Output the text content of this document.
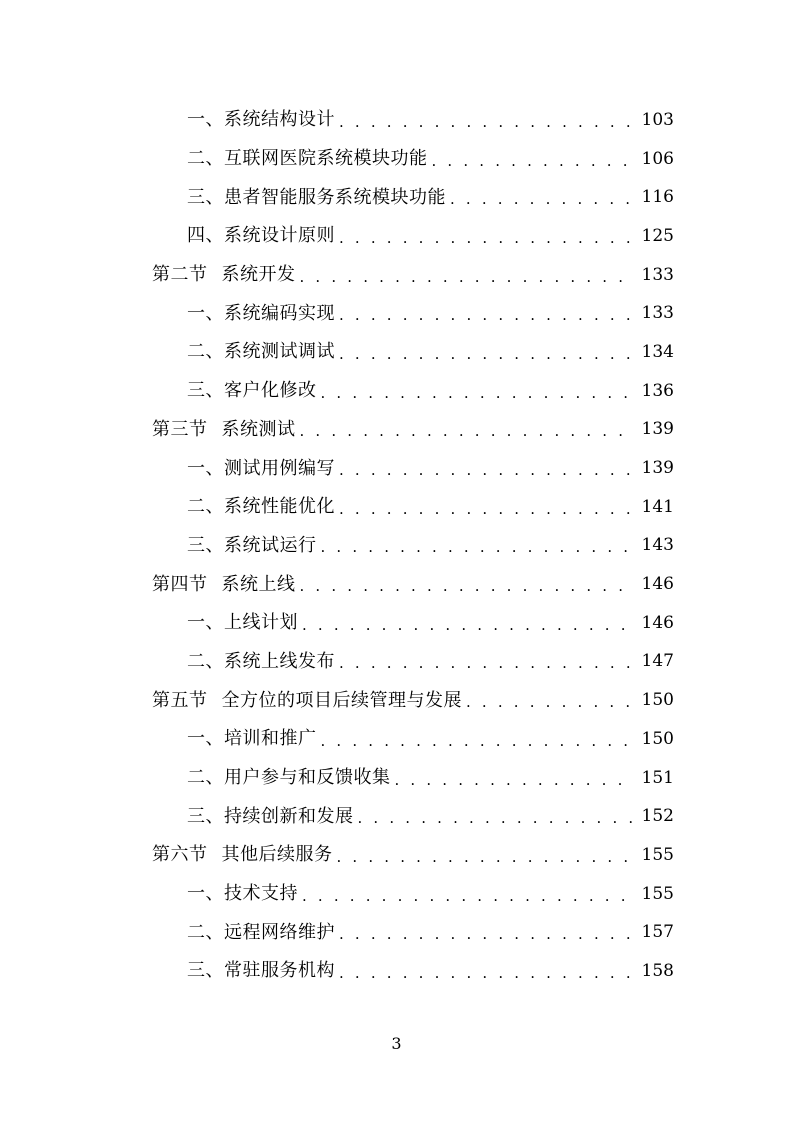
一、系统结构设计 . . .	103
二、互联网医院系统模块功能 . . .	106
三、患者智能服务系统模块功能 . . .	116
四、系统设计原则 . . .	125
第二节 系统开发 . . .	133
一、系统编码实现 . . .	133
二、系统测试调试 . . .	134
三、客户化修改 . . .	136
第三节 系统测试 . . .	139
一、测试用例编写 . . .	139
二、系统性能优化 . . .	141
三、系统试运行 . . .	143
第四节 系统上线 . . .	146
一、上线计划 . . .	146
二、系统上线发布 . . .	147
第五节 全方位的项目后续管理与发展 . . .	150
一、培训和推广 . . .	150
二、用户参与和反馈收集 . . .	151
三、持续创新和发展 . . .	152
第六节 其他后续服务 . . .	155
一、技术支持 . . .	155
二、远程网络维护 . . .	157
三、常驻服务机构 . . .	158
3
